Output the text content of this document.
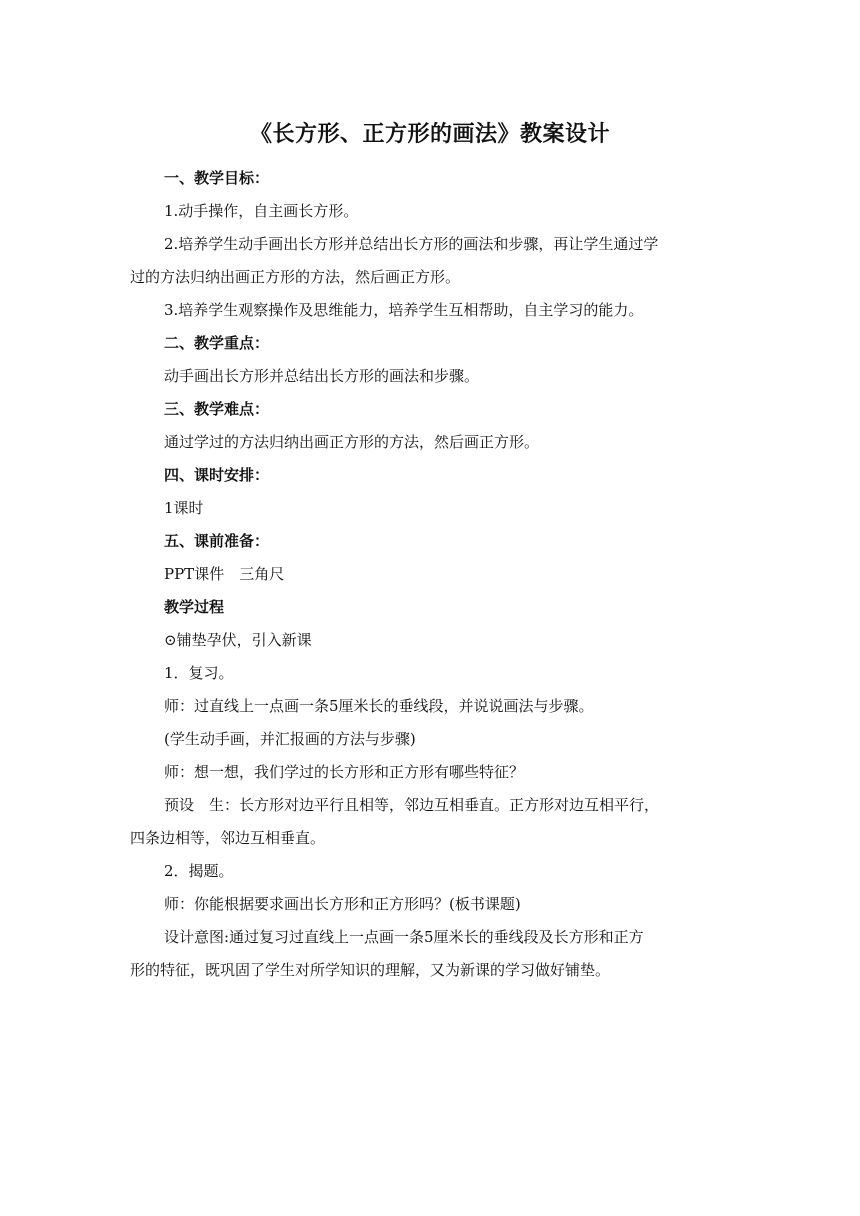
《长方形、正方形的画法》教案设计
一、教学目标：
1.动手操作，自主画长方形。
2.培养学生动手画出长方形并总结出长方形的画法和步骤，再让学生通过学
过的方法归纳出画正方形的方法，然后画正方形。
3.培养学生观察操作及思维能力，培养学生互相帮助，自主学习的能力。
二、教学重点：
动手画出长方形并总结出长方形的画法和步骤。
三、教学难点：
通过学过的方法归纳出画正方形的方法，然后画正方形。
四、课时安排：
1课时
五、课前准备：
PPT课件　三角尺
教学过程
⊙铺垫孕伏，引入新课
1．复习。
师：过直线上一点画一条5厘米长的垂线段，并说说画法与步骤。
(学生动手画，并汇报画的方法与步骤)
师：想一想，我们学过的长方形和正方形有哪些特征？
预设　生：长方形对边平行且相等，邻边互相垂直。正方形对边互相平行，
四条边相等，邻边互相垂直。
2．揭题。
师：你能根据要求画出长方形和正方形吗？(板书课题)
设计意图:通过复习过直线上一点画一条5厘米长的垂线段及长方形和正方
形的特征，既巩固了学生对所学知识的理解，又为新课的学习做好铺垫。
